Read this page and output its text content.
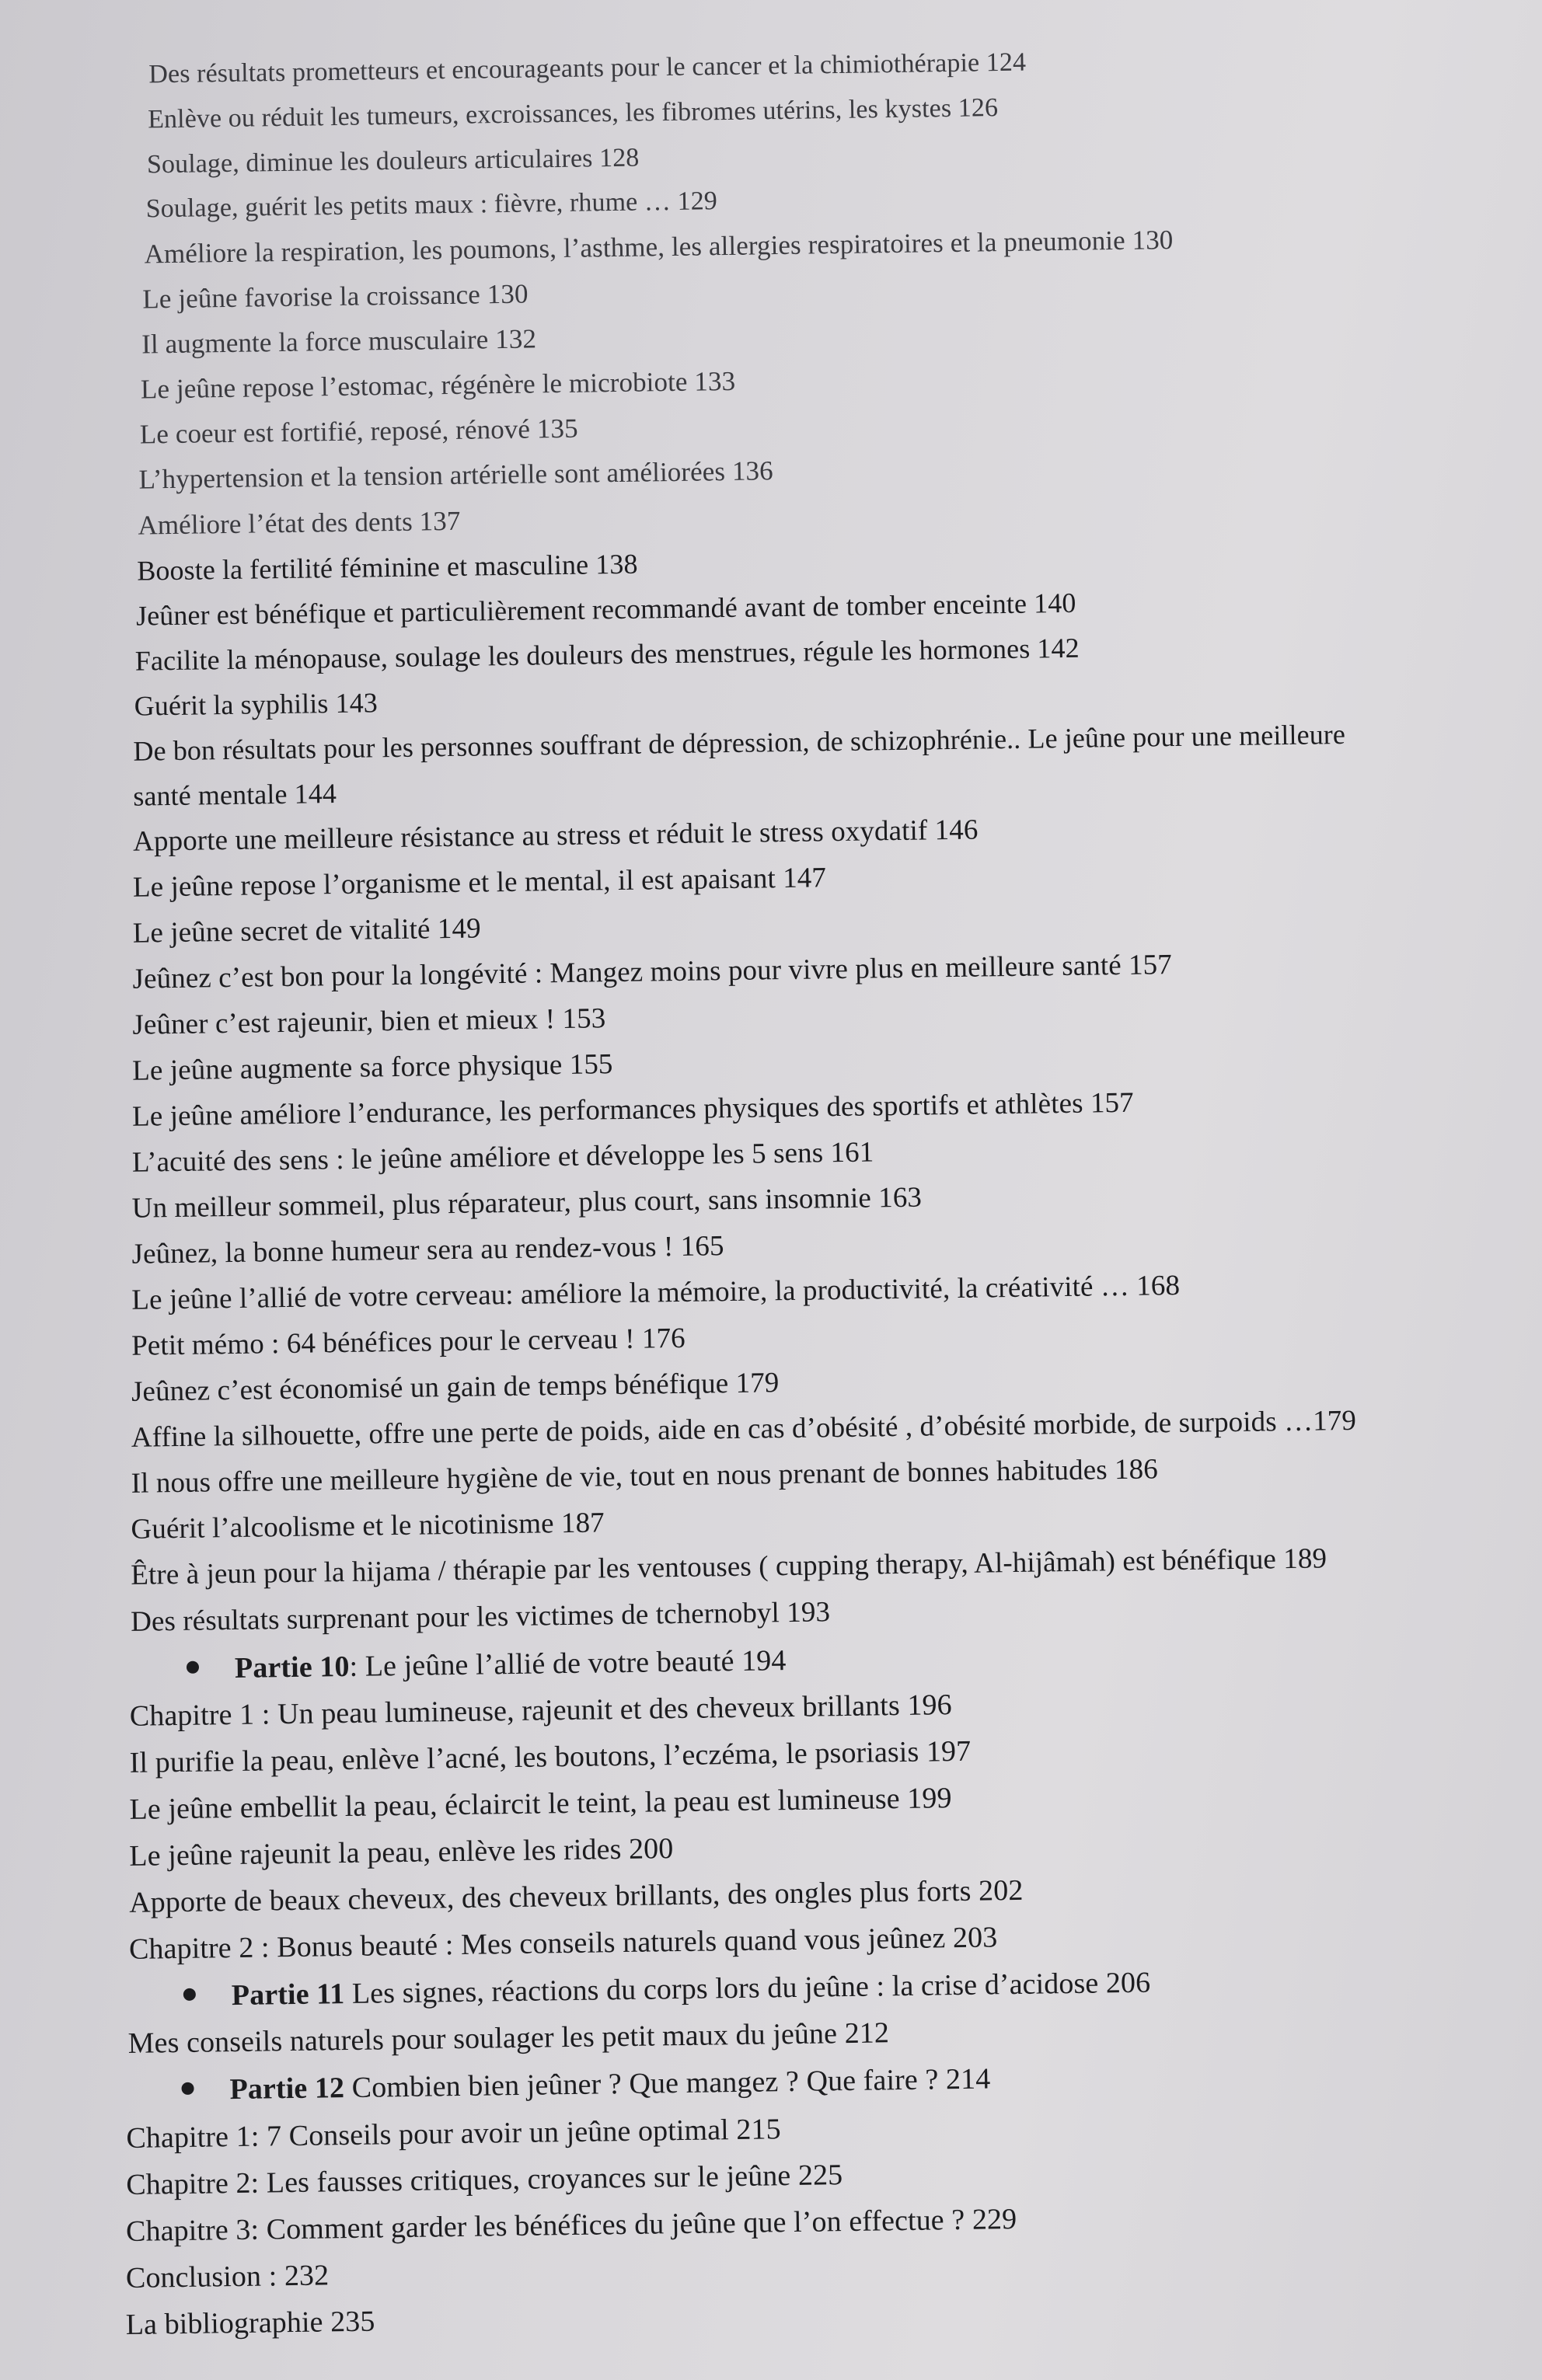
Des résultats prometteurs et encourageants pour le cancer et la chimiothérapie 124
Enlève ou réduit les tumeurs, excroissances, les fibromes utérins, les kystes 126
Soulage, diminue les douleurs articulaires 128
Soulage, guérit les petits maux : fièvre, rhume … 129
Améliore la respiration, les poumons, l’asthme, les allergies respiratoires et la pneumonie 130
Le jeûne favorise la croissance 130
Il augmente la force musculaire 132
Le jeûne repose l’estomac, régénère le microbiote 133
Le coeur est fortifié, reposé, rénové 135
L’hypertension et la tension artérielle sont améliorées 136
Améliore l’état des dents 137
Booste la fertilité féminine et masculine 138
Jeûner est bénéfique et particulièrement recommandé avant de tomber enceinte 140
Facilite la ménopause, soulage les douleurs des menstrues, régule les hormones 142
Guérit la syphilis 143
De bon résultats pour les personnes souffrant de dépression, de schizophrénie.. Le jeûne pour une meilleure
santé mentale 144
Apporte une meilleure résistance au stress et réduit le stress oxydatif 146
Le jeûne repose l’organisme et le mental, il est apaisant 147
Le jeûne secret de vitalité 149
Jeûnez c’est bon pour la longévité : Mangez moins pour vivre plus en meilleure santé 157
Jeûner c’est rajeunir, bien et mieux ! 153
Le jeûne augmente sa force physique 155
Le jeûne améliore l’endurance, les performances physiques des sportifs et athlètes 157
L’acuité des sens : le jeûne améliore et développe les 5 sens 161
Un meilleur sommeil, plus réparateur, plus court, sans insomnie 163
Jeûnez, la bonne humeur sera au rendez-vous ! 165
Le jeûne l’allié de votre cerveau: améliore la mémoire, la productivité, la créativité … 168
Petit mémo : 64 bénéfices pour le cerveau ! 176
Jeûnez c’est économisé un gain de temps bénéfique 179
Affine la silhouette, offre une perte de poids, aide en cas d’obésité , d’obésité morbide, de surpoids …179
Il nous offre une meilleure hygiène de vie, tout en nous prenant de bonnes habitudes 186
Guérit l’alcoolisme et le nicotinisme 187
Être à jeun pour la hijama / thérapie par les ventouses ( cupping therapy, Al-hijâmah) est bénéfique 189
Des résultats surprenant pour les victimes de tchernobyl 193
Partie 10: Le jeûne l’allié de votre beauté 194
Chapitre 1 : Un peau lumineuse, rajeunit et des cheveux brillants 196
Il purifie la peau, enlève l’acné, les boutons, l’eczéma, le psoriasis 197
Le jeûne embellit la peau, éclaircit le teint, la peau est lumineuse 199
Le jeûne rajeunit la peau, enlève les rides 200
Apporte de beaux cheveux, des cheveux brillants, des ongles plus forts 202
Chapitre 2 : Bonus beauté : Mes conseils naturels quand vous jeûnez 203
Partie 11 Les signes, réactions du corps lors du jeûne : la crise d’acidose 206
Mes conseils naturels pour soulager les petit maux du jeûne 212
Partie 12 Combien bien jeûner ? Que mangez ? Que faire ? 214
Chapitre 1: 7 Conseils pour avoir un jeûne optimal 215
Chapitre 2: Les fausses critiques, croyances sur le jeûne 225
Chapitre 3: Comment garder les bénéfices du jeûne que l’on effectue ? 229
Conclusion : 232
La bibliographie 235
